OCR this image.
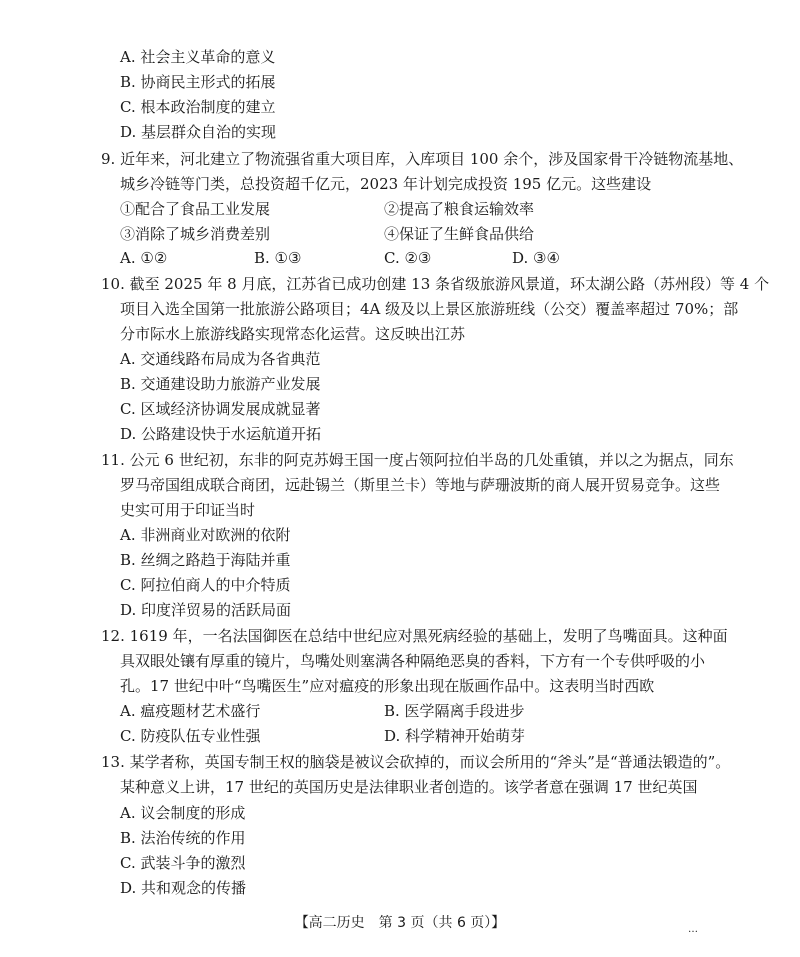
A. 社会主义革命的意义
B. 协商民主形式的拓展
C. 根本政治制度的建立
D. 基层群众自治的实现
9. 近年来，河北建立了物流强省重大项目库，入库项目 100 余个，涉及国家骨干冷链物流基地、
城乡冷链等门类，总投资超千亿元，2023 年计划完成投资 195 亿元。这些建设
①配合了食品工业发展	②提高了粮食运输效率
③消除了城乡消费差别	④保证了生鲜食品供给
A. ①②	B. ①③	C. ②③	D. ③④
10. 截至 2025 年 8 月底，江苏省已成功创建 13 条省级旅游风景道，环太湖公路（苏州段）等 4 个
项目入选全国第一批旅游公路项目；4A 级及以上景区旅游班线（公交）覆盖率超过 70%；部
分市际水上旅游线路实现常态化运营。这反映出江苏
A. 交通线路布局成为各省典范
B. 交通建设助力旅游产业发展
C. 区域经济协调发展成就显著
D. 公路建设快于水运航道开拓
11. 公元 6 世纪初，东非的阿克苏姆王国一度占领阿拉伯半岛的几处重镇，并以之为据点，同东
罗马帝国组成联合商团，远赴锡兰（斯里兰卡）等地与萨珊波斯的商人展开贸易竞争。这些
史实可用于印证当时
A. 非洲商业对欧洲的依附
B. 丝绸之路趋于海陆并重
C. 阿拉伯商人的中介特质
D. 印度洋贸易的活跃局面
12. 1619 年，一名法国御医在总结中世纪应对黑死病经验的基础上，发明了鸟嘴面具。这种面
具双眼处镶有厚重的镜片，鸟嘴处则塞满各种隔绝恶臭的香料，下方有一个专供呼吸的小
孔。17 世纪中叶“鸟嘴医生”应对瘟疫的形象出现在版画作品中。这表明当时西欧
A. 瘟疫题材艺术盛行	B. 医学隔离手段进步
C. 防疫队伍专业性强	D. 科学精神开始萌芽
13. 某学者称，英国专制王权的脑袋是被议会砍掉的，而议会所用的“斧头”是“普通法锻造的”。
某种意义上讲，17 世纪的英国历史是法律职业者创造的。该学者意在强调 17 世纪英国
A. 议会制度的形成
B. 法治传统的作用
C. 武装斗争的激烈
D. 共和观念的传播
【高二历史　第 3 页（共 6 页）】	…
